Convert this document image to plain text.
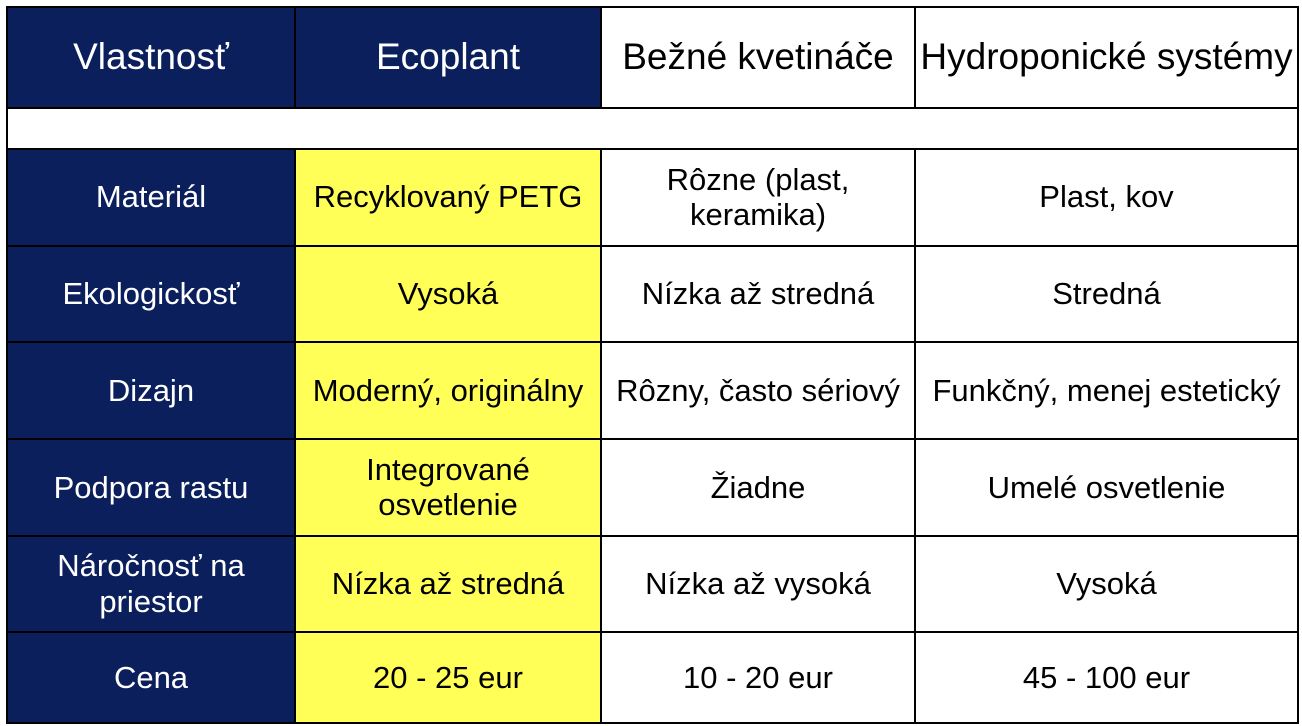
Vlastnosť	Ecoplant	Bežné kvetináče	Hydroponické systémy

Materiál	Recyklovaný PETG	Rôzne (plast, keramika)	Plast, kov
Ekologickosť	Vysoká	Nízka až stredná	Stredná
Dizajn	Moderný, originálny	Rôzny, často sériový	Funkčný, menej estetický
Podpora rastu	Integrované osvetlenie	Žiadne	Umelé osvetlenie
Náročnosť na priestor	Nízka až stredná	Nízka až vysoká	Vysoká
Cena	20 - 25 eur	10 - 20 eur	45 - 100 eur
